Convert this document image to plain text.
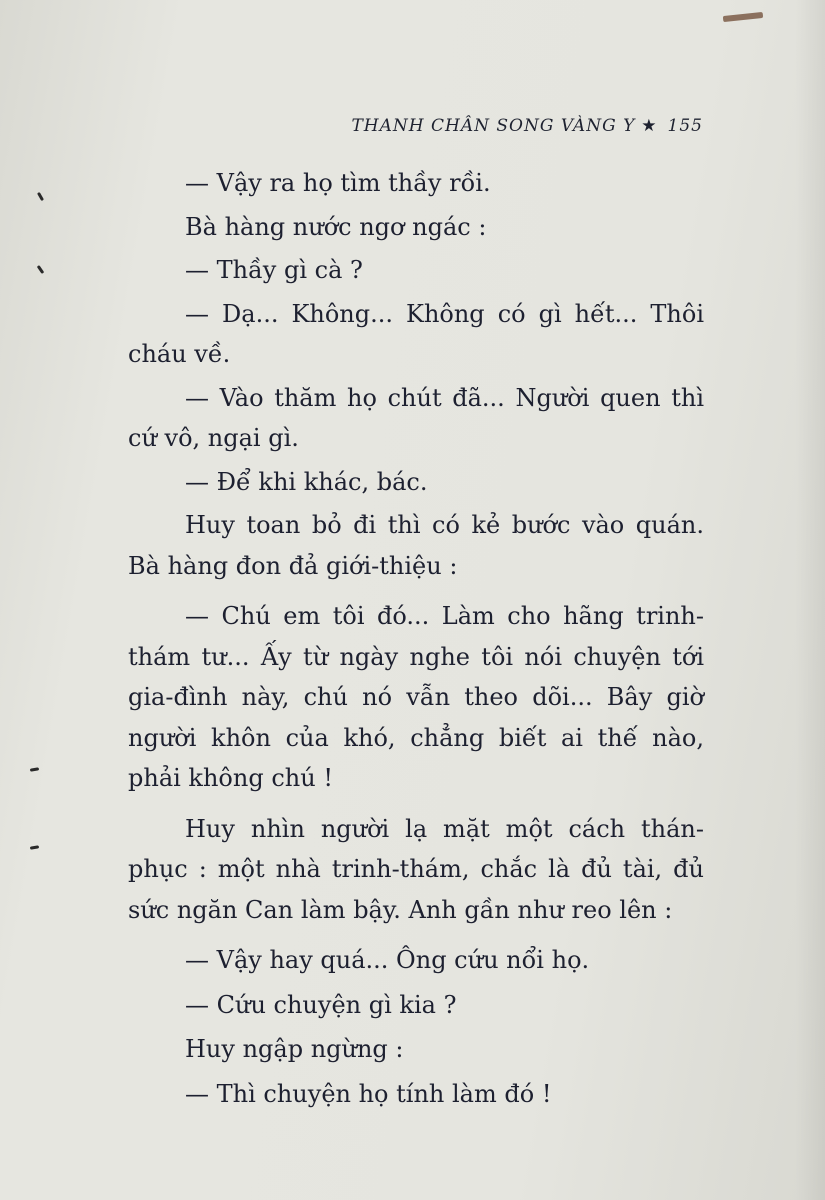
THANH CHÂN SONG VÀNG Y ★ 155

— Vậy ra họ tìm thầy rồi.

Bà hàng nước ngơ ngác :

— Thầy gì cà ?

— Dạ... Không... Không có gì hết... Thôi cháu về.

— Vào thăm họ chút đã... Người quen thì cứ vô, ngại gì.

— Để khi khác, bác.

Huy toan bỏ đi thì có kẻ bước vào quán. Bà hàng đon đả giới-thiệu :

— Chú em tôi đó... Làm cho hãng trinh-thám tư... Ấy từ ngày nghe tôi nói chuyện tới gia-đình này, chú nó vẫn theo dõi... Bây giờ người khôn của khó, chẳng biết ai thế nào, phải không chú !

Huy nhìn người lạ mặt một cách thán-phục : một nhà trinh-thám, chắc là đủ tài, đủ sức ngăn Can làm bậy. Anh gần như reo lên :

— Vậy hay quá... Ông cứu nổi họ.

— Cứu chuyện gì kia ?

Huy ngập ngừng :

— Thì chuyện họ tính làm đó !
